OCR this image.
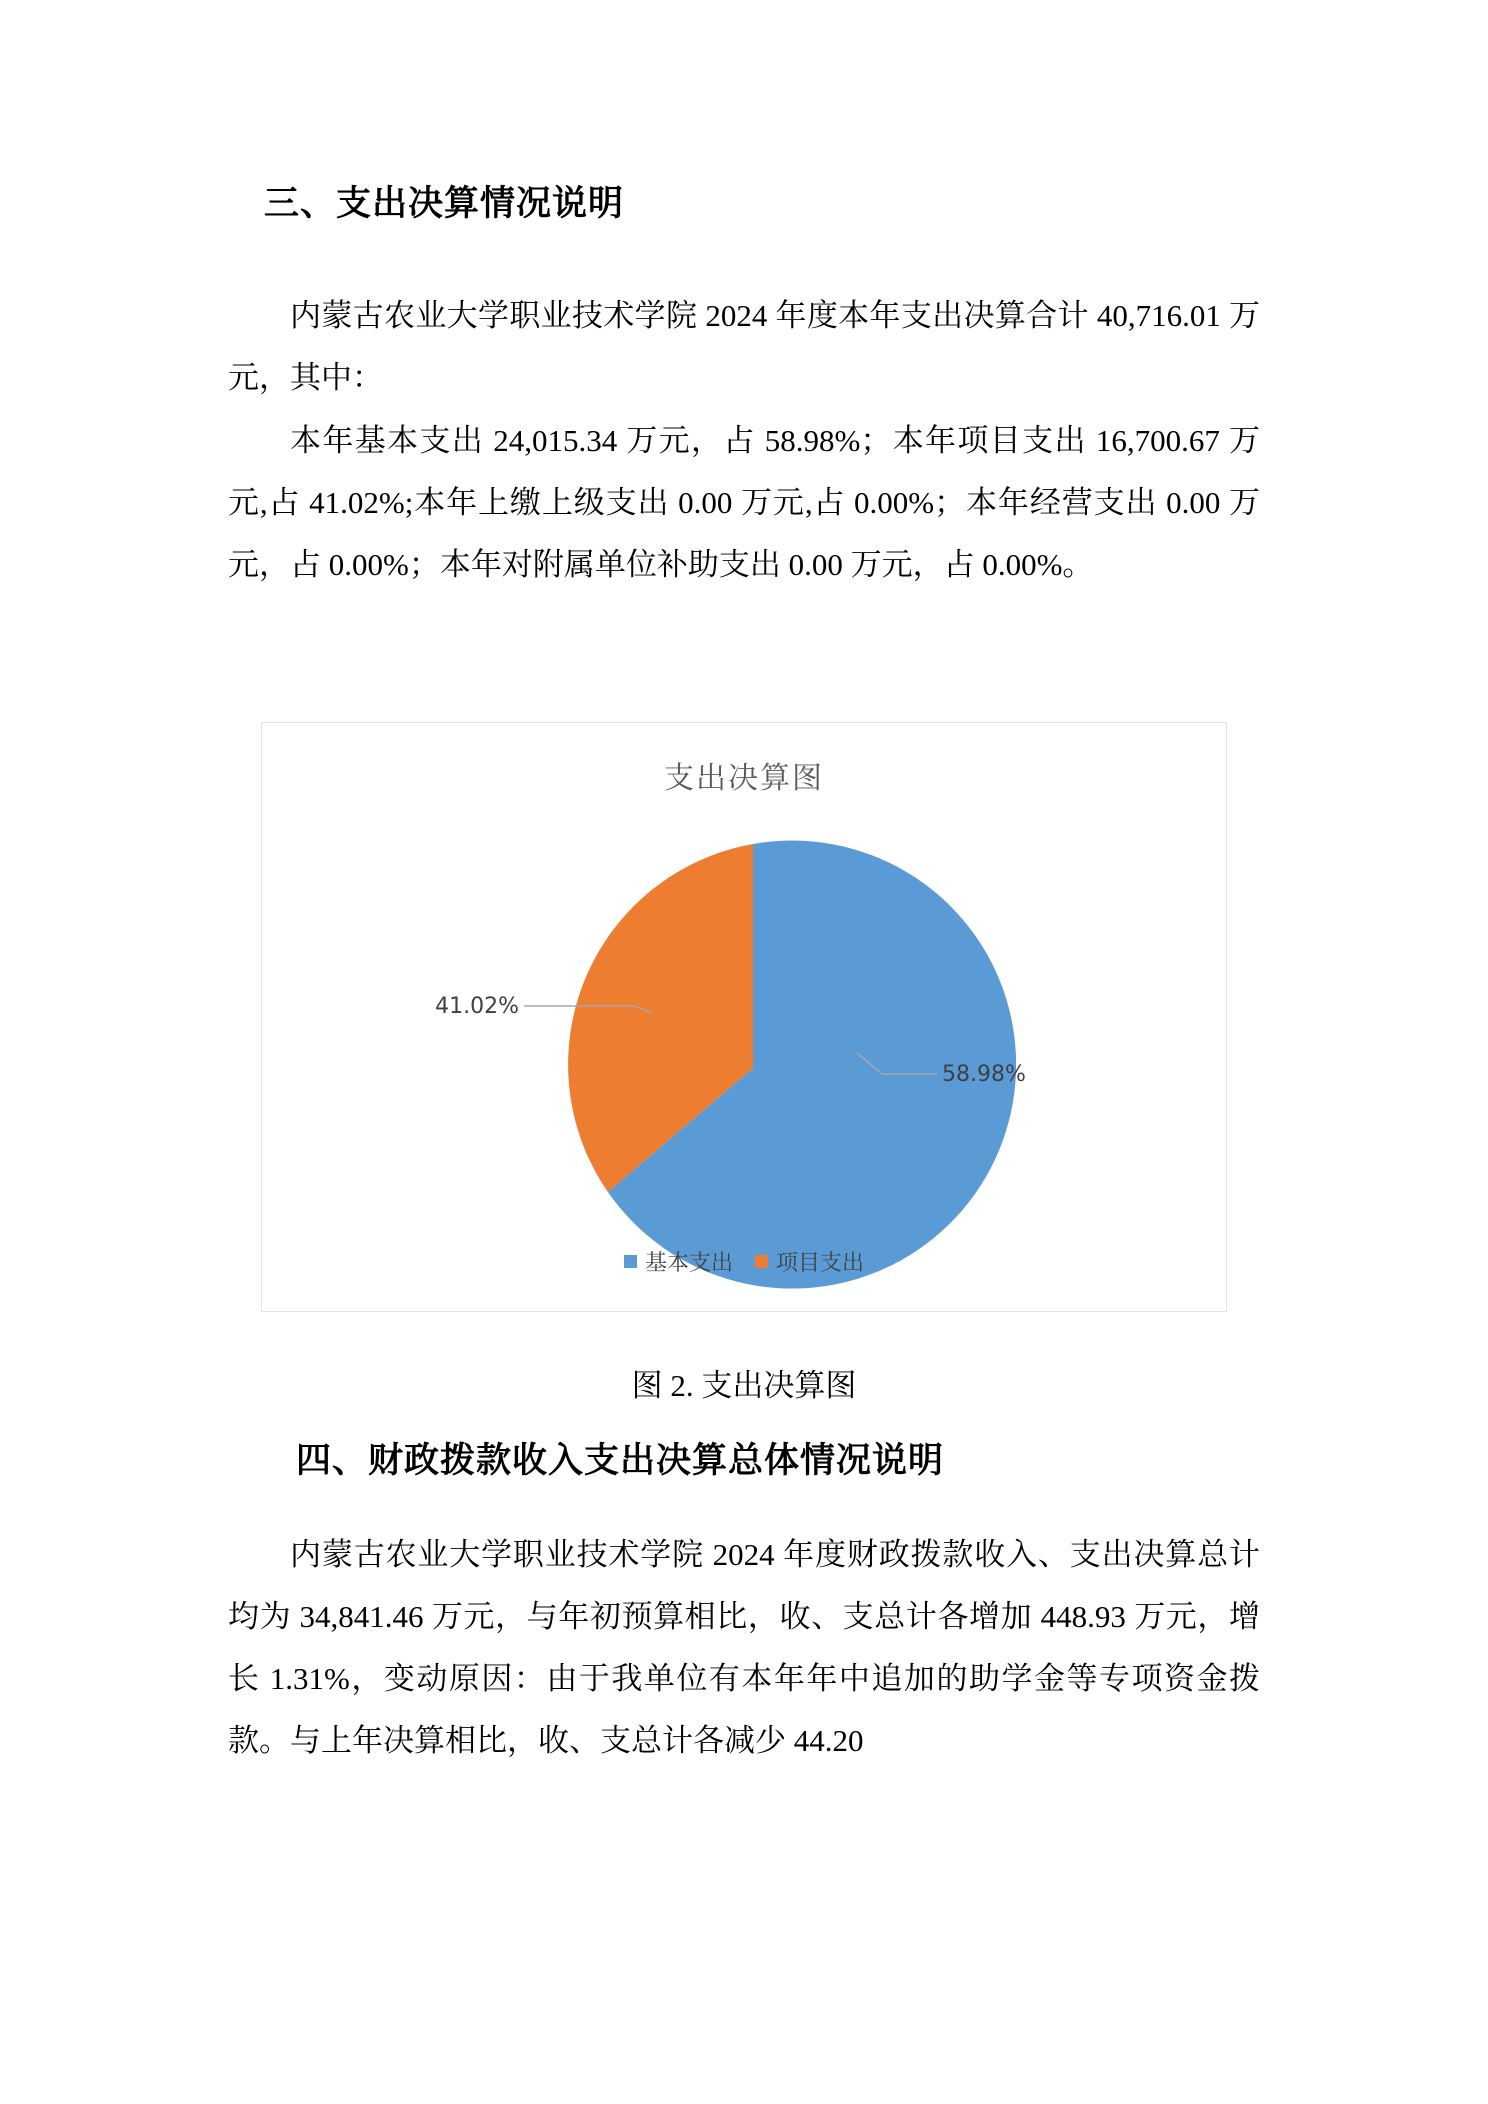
三、支出决算情况说明

内蒙古农业大学职业技术学院 2024 年度本年支出决算合计 40,716.01 万元，其中：

本年基本支出 24,015.34 万元，占 58.98%；本年项目支出 16,700.67 万元,占 41.02%;本年上缴上级支出 0.00 万元,占 0.00%；本年经营支出 0.00 万元，占 0.00%；本年对附属单位补助支出 0.00 万元，占 0.00%。

支出决算图
41.02%
58.98%
基本支出 项目支出

图 2. 支出决算图

四、财政拨款收入支出决算总体情况说明

内蒙古农业大学职业技术学院 2024 年度财政拨款收入、支出决算总计均为 34,841.46 万元，与年初预算相比，收、支总计各增加 448.93 万元，增长 1.31%，变动原因：由于我单位有本年年中追加的助学金等专项资金拨款。与上年决算相比，收、支总计各减少 44.20
